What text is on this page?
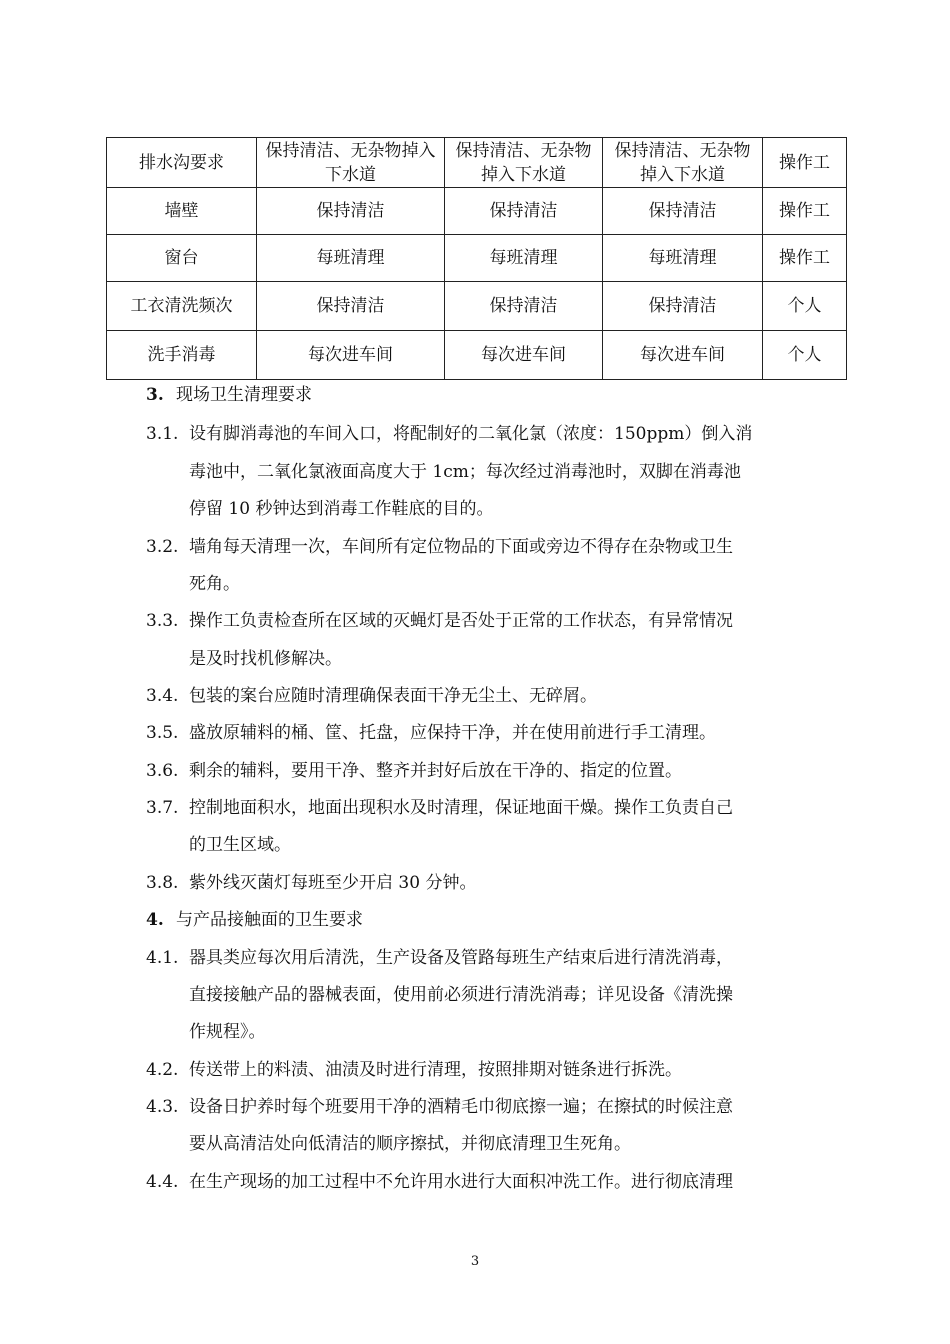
排水沟要求	保持清洁、无杂物掉入下水道	保持清洁、无杂物掉入下水道	保持清洁、无杂物掉入下水道	操作工
墙壁	保持清洁	保持清洁	保持清洁	操作工
窗台	每班清理	每班清理	每班清理	操作工
工衣清洗频次	保持清洁	保持清洁	保持清洁	个人
洗手消毒	每次进车间	每次进车间	每次进车间	个人
3. 现场卫生清理要求
3.1. 设有脚消毒池的车间入口，将配制好的二氧化氯（浓度：150ppm）倒入消
毒池中，二氧化氯液面高度大于 1cm；每次经过消毒池时，双脚在消毒池
停留 10 秒钟达到消毒工作鞋底的目的。
3.2. 墙角每天清理一次，车间所有定位物品的下面或旁边不得存在杂物或卫生
死角。
3.3. 操作工负责检查所在区域的灭蝇灯是否处于正常的工作状态，有异常情况
是及时找机修解决。
3.4. 包装的案台应随时清理确保表面干净无尘土、无碎屑。
3.5. 盛放原辅料的桶、筐、托盘，应保持干净，并在使用前进行手工清理。
3.6. 剩余的辅料，要用干净、整齐并封好后放在干净的、指定的位置。
3.7. 控制地面积水，地面出现积水及时清理，保证地面干燥。操作工负责自己
的卫生区域。
3.8. 紫外线灭菌灯每班至少开启 30 分钟。
4. 与产品接触面的卫生要求
4.1. 器具类应每次用后清洗，生产设备及管路每班生产结束后进行清洗消毒，
直接接触产品的器械表面，使用前必须进行清洗消毒；详见设备《清洗操
作规程》。
4.2. 传送带上的料渍、油渍及时进行清理，按照排期对链条进行拆洗。
4.3. 设备日护养时每个班要用干净的酒精毛巾彻底擦一遍；在擦拭的时候注意
要从高清洁处向低清洁的顺序擦拭，并彻底清理卫生死角。
4.4. 在生产现场的加工过程中不允许用水进行大面积冲洗工作。进行彻底清理
3
